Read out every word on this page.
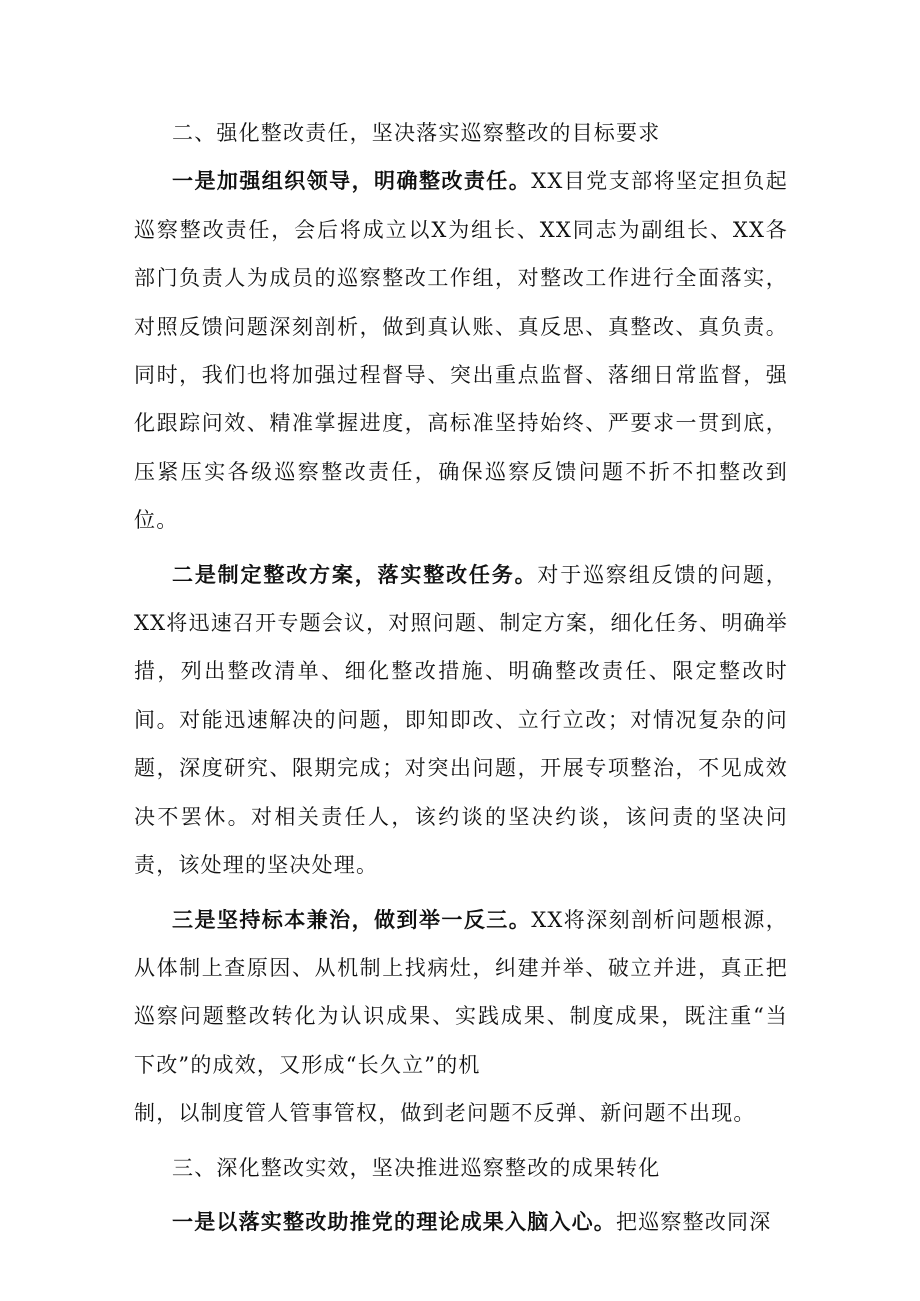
二、强化整改责任，坚决落实巡察整改的目标要求

一是加强组织领导，明确整改责任。XX目党支部将坚定担负起巡察整改责任，会后将成立以X为组长、XX同志为副组长、XX各部门负责人为成员的巡察整改工作组，对整改工作进行全面落实，对照反馈问题深刻剖析，做到真认账、真反思、真整改、真负责。同时，我们也将加强过程督导、突出重点监督、落细日常监督，强化跟踪问效、精准掌握进度，高标准坚持始终、严要求一贯到底，压紧压实各级巡察整改责任，确保巡察反馈问题不折不扣整改到位。

二是制定整改方案，落实整改任务。对于巡察组反馈的问题，XX将迅速召开专题会议，对照问题、制定方案，细化任务、明确举措，列出整改清单、细化整改措施、明确整改责任、限定整改时间。对能迅速解决的问题，即知即改、立行立改；对情况复杂的问题，深度研究、限期完成；对突出问题，开展专项整治，不见成效决不罢休。对相关责任人，该约谈的坚决约谈，该问责的坚决问责，该处理的坚决处理。

三是坚持标本兼治，做到举一反三。XX将深刻剖析问题根源，从体制上查原因、从机制上找病灶，纠建并举、破立并进，真正把巡察问题整改转化为认识成果、实践成果、制度成果，既注重“当下改”的成效，又形成“长久立”的机

制，以制度管人管事管权，做到老问题不反弹、新问题不出现。

三、深化整改实效，坚决推进巡察整改的成果转化

一是以落实整改助推党的理论成果入脑入心。把巡察整改同深
